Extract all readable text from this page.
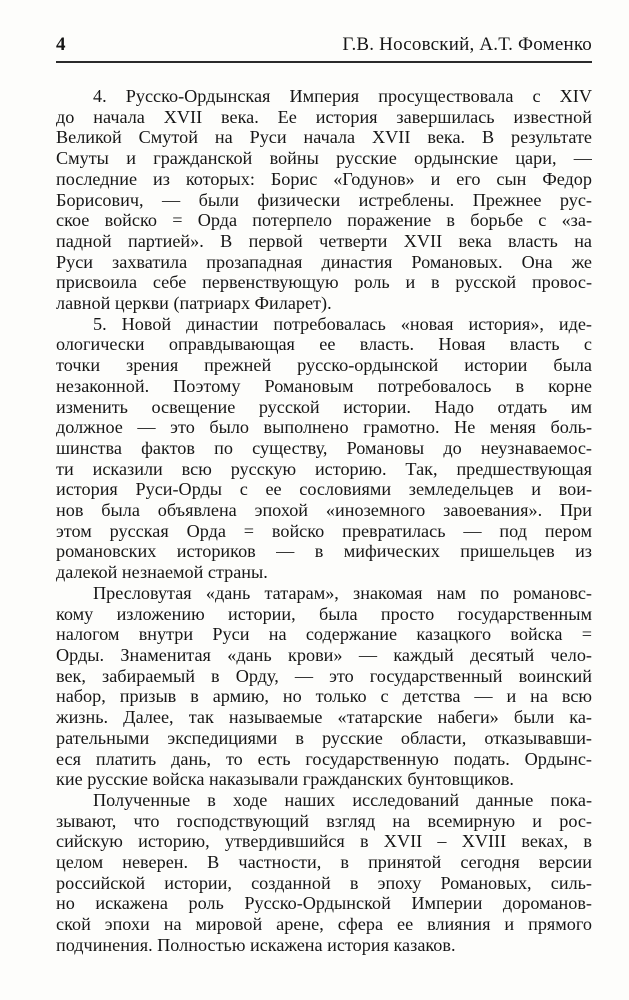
4	Г.В. Носовский, А.Т. Фоменко
4. Русско-Ордынская Империя просуществовала с XIV
до начала XVII века. Ее история завершилась известной
Великой Смутой на Руси начала XVII века. В результате
Смуты и гражданской войны русские ордынские цари, —
последние из которых: Борис «Годунов» и его сын Федор
Борисович, — были физически истреблены. Прежнее рус-
ское войско = Орда потерпело поражение в борьбе с «за-
падной партией». В первой четверти XVII века власть на
Руси захватила прозападная династия Романовых. Она же
присвоила себе первенствующую роль и в русской провос-
лавной церкви (патриарх Филарет).
5. Новой династии потребовалась «новая история», иде-
ологически оправдывающая ее власть. Новая власть с
точки зрения прежней русско-ордынской истории была
незаконной. Поэтому Романовым потребовалось в корне
изменить освещение русской истории. Надо отдать им
должное — это было выполнено грамотно. Не меняя боль-
шинства фактов по существу, Романовы до неузнаваемос-
ти исказили всю русскую историю. Так, предшествующая
история Руси-Орды с ее сословиями земледельцев и вои-
нов была объявлена эпохой «иноземного завоевания». При
этом русская Орда = войско превратилась — под пером
романовских историков — в мифических пришельцев из
далекой незнаемой страны.
Пресловутая «дань татарам», знакомая нам по романовс-
кому изложению истории, была просто государственным
налогом внутри Руси на содержание казацкого войска =
Орды. Знаменитая «дань крови» — каждый десятый чело-
век, забираемый в Орду, — это государственный воинский
набор, призыв в армию, но только с детства — и на всю
жизнь. Далее, так называемые «татарские набеги» были ка-
рательными экспедициями в русские области, отказывавши-
еся платить дань, то есть государственную подать. Ордынс-
кие русские войска наказывали гражданских бунтовщиков.
Полученные в ходе наших исследований данные пока-
зывают, что господствующий взгляд на всемирную и рос-
сийскую историю, утвердившийся в XVII – XVIII веках, в
целом неверен. В частности, в принятой сегодня версии
российской истории, созданной в эпоху Романовых, силь-
но искажена роль Русско-Ордынской Империи дороманов-
ской эпохи на мировой арене, сфера ее влияния и прямого
подчинения. Полностью искажена история казаков.
